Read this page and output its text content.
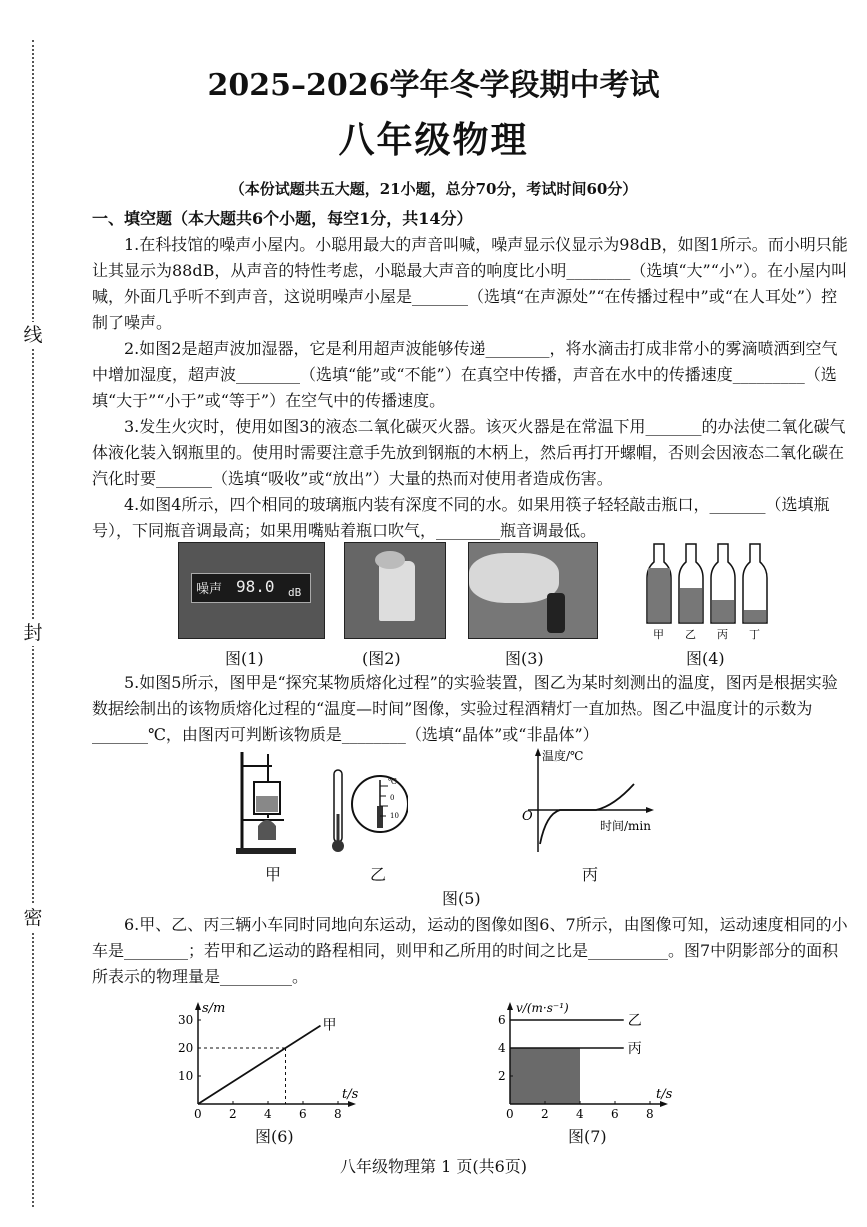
线
封
密
2025–2026学年冬学段期中考试
八年级物理
（本份试题共五大题，21小题，总分70分，考试时间60分）
一、填空题（本大题共6个小题，每空1分，共14分）

1.在科技馆的噪声小屋内。小聪用最大的声音叫喊，噪声显示仪显示为98dB，如图1所示。而小明只能让其显示为88dB，从声音的特性考虑，小聪最大声音的响度比小明________（选填“大”“小”）。在小屋内叫喊，外面几乎听不到声音，这说明噪声小屋是_______（选填“在声源处”“在传播过程中”或“在人耳处”）控制了噪声。

2.如图2是超声波加湿器，它是利用超声波能够传递________，将水滴击打成非常小的雾滴喷洒到空气中增加湿度，超声波________（选填“能”或“不能”）在真空中传播，声音在水中的传播速度_________（选填“大于”“小于”或“等于”）在空气中的传播速度。

3.发生火灾时，使用如图3的液态二氧化碳灭火器。该灭火器是在常温下用_______的办法使二氧化碳气体液化装入钢瓶里的。使用时需要注意手先放到钢瓶的木柄上，然后再打开螺帽，否则会因液态二氧化碳在汽化时要_______（选填“吸收”或“放出”）大量的热而对使用者造成伤害。

4.如图4所示，四个相同的玻璃瓶内装有深度不同的水。如果用筷子轻轻敲击瓶口，_______（选填瓶号），下同瓶音调最高；如果用嘴贴着瓶口吹气，________瓶音调最低。

噪声 98.0 dB
甲 乙 丙 丁
图(1)	(图2)	图(3)	图(4)

5.如图5所示，图甲是“探究某物质熔化过程”的实验装置，图乙为某时刻测出的温度，图丙是根据实验数据绘制出的该物质熔化过程的“温度—时间”图像，实验过程酒精灯一直加热。图乙中温度计的示数为_______℃，由图丙可判断该物质是________（选填“晶体”或“非晶体”）

℃
0
10
温度/℃
时间/min
O
甲	乙	丙
图(5)

6.甲、乙、丙三辆小车同时同地向东运动，运动的图像如图6、7所示，由图像可知，运动速度相同的小车是________；若甲和乙运动的路程相同，则甲和乙所用的时间之比是__________。图7中阴影部分的面积所表示的物理量是_________。

0 2 4 6 8
10
20
30
s/m
t/s
甲
图(6)
0 2 4 6 8
2
4
6
v/(m·s⁻¹)
t/s
乙
丙
图(7)
八年级物理第 1 页(共6页)
